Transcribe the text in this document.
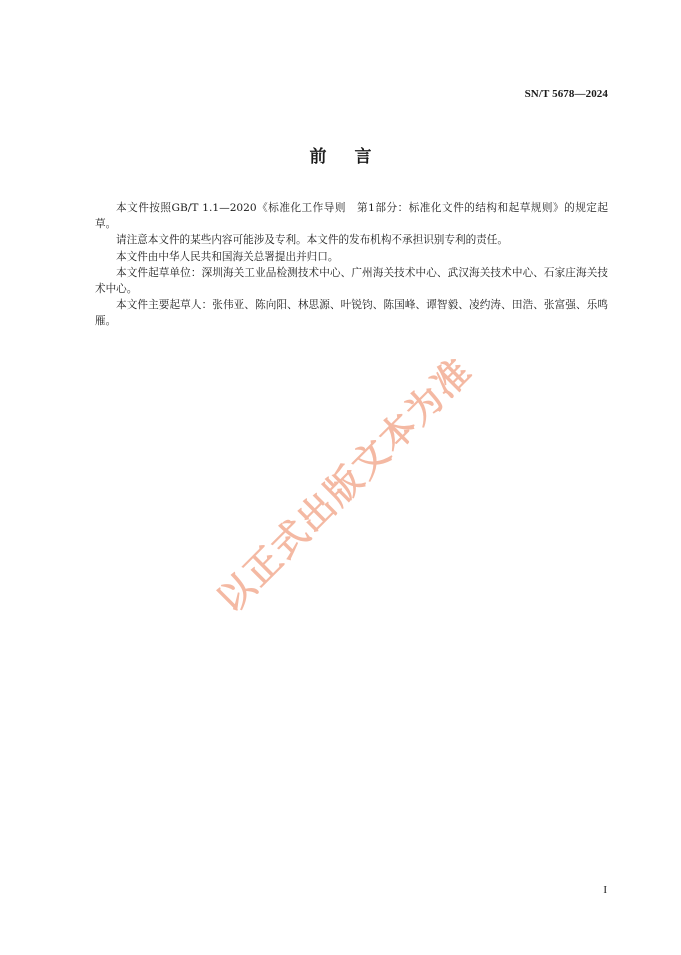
SN/T 5678—2024
前言

本文件按照GB/T 1.1—2020《标准化工作导则　第1部分：标准化文件的结构和起草规则》的规定起草。

请注意本文件的某些内容可能涉及专利。本文件的发布机构不承担识别专利的责任。

本文件由中华人民共和国海关总署提出并归口。

本文件起草单位：深圳海关工业品检测技术中心、广州海关技术中心、武汉海关技术中心、石家庄海关技术中心。

本文件主要起草人：张伟亚、陈向阳、林思源、叶锐钧、陈国峰、谭智毅、凌约涛、田浩、张富强、乐鸣雁。

以正式出版文本为准
I
